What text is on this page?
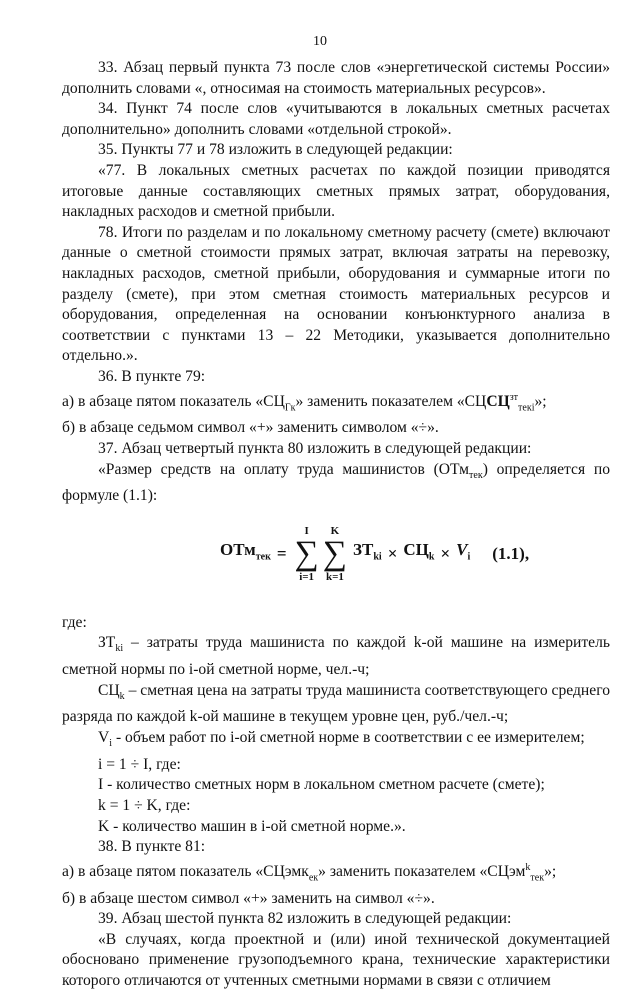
10

33. Абзац первый пункта 73 после слов «энергетической системы России» дополнить словами «, относимая на стоимость материальных ресурсов».

34. Пункт 74 после слов «учитываются в локальных сметных расчетах дополнительно» дополнить словами «отдельной строкой».

35. Пункты 77 и 78 изложить в следующей редакции:

«77. В локальных сметных расчетах по каждой позиции приводятся итоговые данные составляющих сметных прямых затрат, оборудования, накладных расходов и сметной прибыли.

78. Итоги по разделам и по локальному сметному расчету (смете) включают данные о сметной стоимости прямых затрат, включая затраты на перевозку, накладных расходов, сметной прибыли, оборудования и суммарные итоги по разделу (смете), при этом сметная стоимость материальных ресурсов и оборудования, определенная на основании конъюнктурного анализа в соответствии с пунктами 13 – 22 Методики, указывается дополнительно отдельно.».

36. В пункте 79:

а) в абзаце пятом показатель «$СЦ_{Гк}$» заменить показателем «$СЦСЦ^{зт}_{текі}$»;

б) в абзаце седьмом символ «+» заменить символом «÷».

37. Абзац четвертый пункта 80 изложить в следующей редакции:

«Размер средств на оплату труда машинистов (ОТм$_{тек}$) определяется по формуле (1.1):

ОТм$_{тек}$ =
I
∑
i=1
K
∑
k=1
$ЗТ_{ki} \times СЦ_k \times V_i$ (1.1),

где:

$ЗТ_{ki}$ – затраты труда машиниста по каждой k-ой машине на измеритель сметной нормы по i-ой сметной норме, чел.-ч;

$СЦ_k$ – сметная цена на затраты труда машиниста соответствующего среднего разряда по каждой k-ой машине в текущем уровне цен, руб./чел.-ч;

$V_i$ - объем работ по i-ой сметной норме в соответствии с ее измерителем;

i = 1 ÷ I, где:

I - количество сметных норм в локальном сметном расчете (смете);

k = 1 ÷ K, где:

K - количество машин в i-ой сметной норме.».

38. В пункте 81:

а) в абзаце пятом показатель «СЦэмк$_{ек}$» заменить показателем «СЦэм$^k_{тек}$»;

б) в абзаце шестом символ «+» заменить на символ «÷».

39. Абзац шестой пункта 82 изложить в следующей редакции:

«В случаях, когда проектной и (или) иной технической документацией обосновано применение грузоподъемного крана, технические характеристики которого отличаются от учтенных сметными нормами в связи с отличием
